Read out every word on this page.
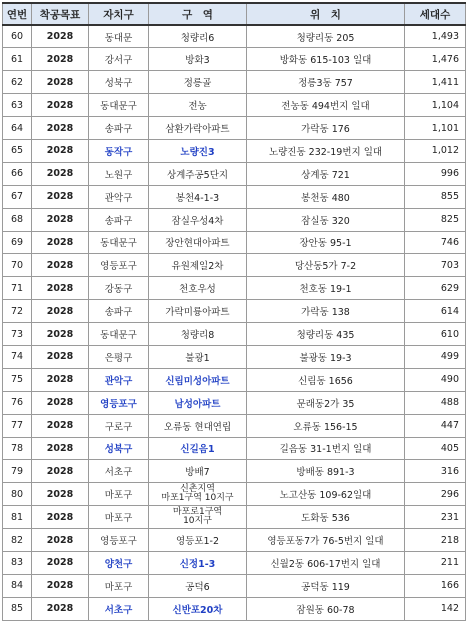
연번	착공목표	자치구	구　역	위　치	세대수
60	2028	동대문	청량리6	청량리동 205	1,493
61	2028	강서구	방화3	방화동 615-103 일대	1,476
62	2028	성북구	정릉골	정릉3동 757	1,411
63	2028	동대문구	전농	전농동 494번지 일대	1,104
64	2028	송파구	삼환가락아파트	가락동 176	1,101
65	2028	동작구	노량진3	노량진동 232-19번지 일대	1,012
66	2028	노원구	상계주공5단지	상계동 721	996
67	2028	관악구	봉천4-1-3	봉천동 480	855
68	2028	송파구	잠실우성4차	잠실동 320	825
69	2028	동대문구	장안현대아파트	장안동 95-1	746
70	2028	영등포구	유원제일2차	당산동5가 7-2	703
71	2028	강동구	천호우성	천호동 19-1	629
72	2028	송파구	가락미륭아파트	가락동 138	614
73	2028	동대문구	청량리8	청량리동 435	610
74	2028	은평구	불광1	불광동 19-3	499
75	2028	관악구	신림미성아파트	신림동 1656	490
76	2028	영등포구	남성아파트	문래동2가 35	488
77	2028	구로구	오류동 현대연립	오류동 156-15	447
78	2028	성북구	신길음1	길음동 31-1번지 일대	405
79	2028	서초구	방배7	방배동 891-3	316
80	2028	마포구	신촌지역
마포1구역 10지구	노고산동 109-62일대	296
81	2028	마포구	마포로1구역
10지구	도화동 536	231
82	2028	영등포구	영등포1-2	영등포동7가 76-5번지 일대	218
83	2028	양천구	신정1-3	신월2동 606-17번지 일대	211
84	2028	마포구	공덕6	공덕동 119	166
85	2028	서초구	신반포20차	잠원동 60-78	142
